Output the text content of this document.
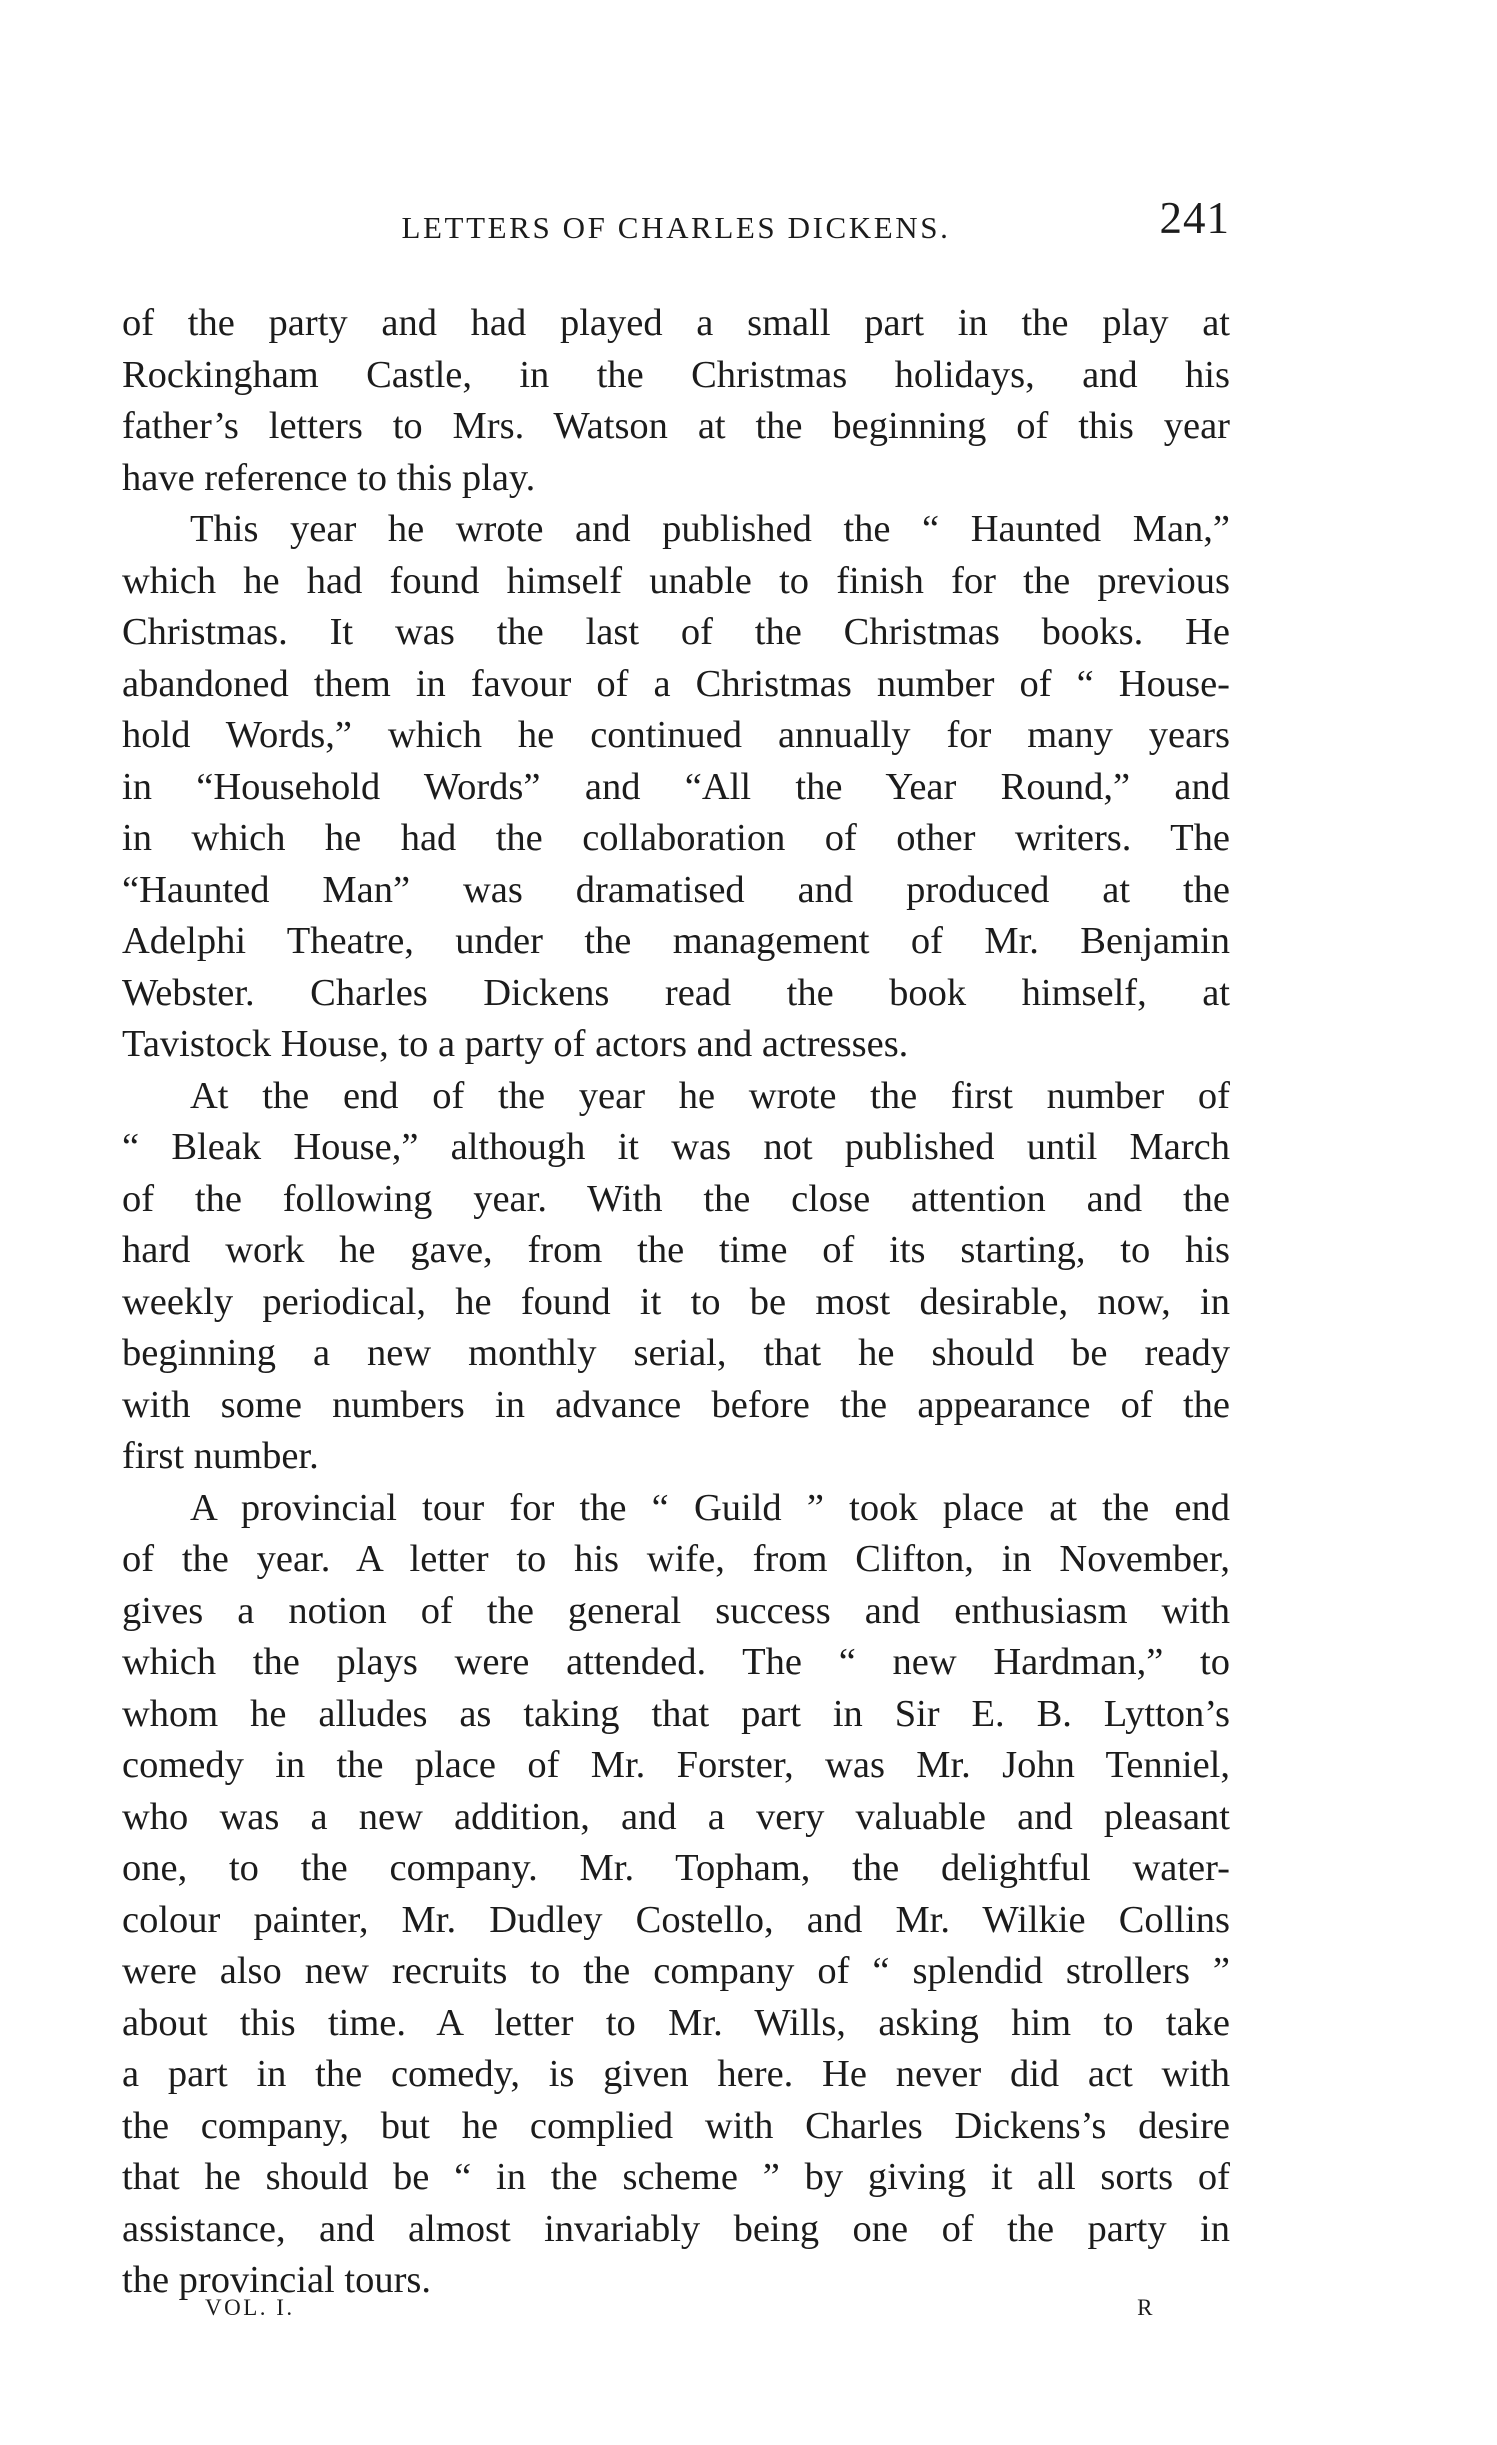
LETTERS OF CHARLES DICKENS.	241
of the party and had played a small part in the play at
Rockingham Castle, in the Christmas holidays, and his
father’s letters to Mrs. Watson at the beginning of this year
have reference to this play.
This year he wrote and published the “ Haunted Man,”
which he had found himself unable to finish for the previous
Christmas. It was the last of the Christmas books. He
abandoned them in favour of a Christmas number of “ House-
hold Words,” which he continued annually for many years
in “Household Words” and “All the Year Round,” and
in which he had the collaboration of other writers. The
“Haunted Man” was dramatised and produced at the
Adelphi Theatre, under the management of Mr. Benjamin
Webster. Charles Dickens read the book himself, at
Tavistock House, to a party of actors and actresses.
At the end of the year he wrote the first number of
“ Bleak House,” although it was not published until March
of the following year. With the close attention and the
hard work he gave, from the time of its starting, to his
weekly periodical, he found it to be most desirable, now, in
beginning a new monthly serial, that he should be ready
with some numbers in advance before the appearance of the
first number.
A provincial tour for the “ Guild ” took place at the end
of the year. A letter to his wife, from Clifton, in November,
gives a notion of the general success and enthusiasm with
which the plays were attended. The “ new Hardman,” to
whom he alludes as taking that part in Sir E. B. Lytton’s
comedy in the place of Mr. Forster, was Mr. John Tenniel,
who was a new addition, and a very valuable and pleasant
one, to the company. Mr. Topham, the delightful water-
colour painter, Mr. Dudley Costello, and Mr. Wilkie Collins
were also new recruits to the company of “ splendid strollers ”
about this time. A letter to Mr. Wills, asking him to take
a part in the comedy, is given here. He never did act with
the company, but he complied with Charles Dickens’s desire
that he should be “ in the scheme ” by giving it all sorts of
assistance, and almost invariably being one of the party in
the provincial tours.
VOL. I.	R
